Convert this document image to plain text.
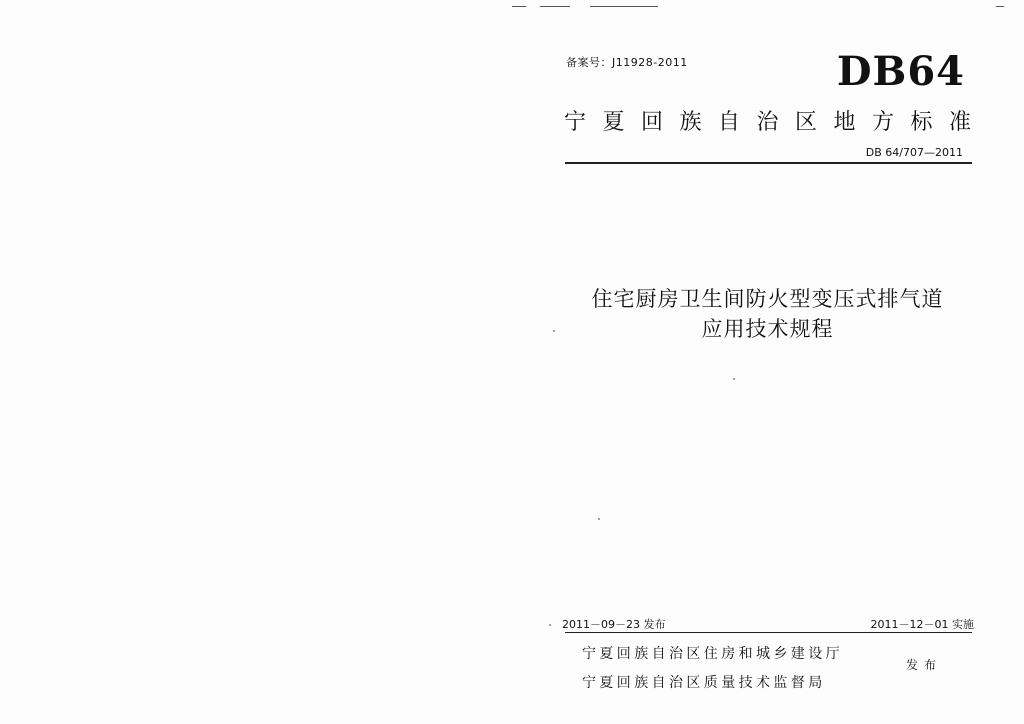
备案号：J11928-2011	DB64
宁夏回族自治区地方标准
DB 64/707—2011
住宅厨房卫生间防火型变压式排气道
应用技术规程
2011－09－23 发布	2011－12－01 实施
宁夏回族自治区住房和城乡建设厅
宁夏回族自治区质量技术监督局
发布
